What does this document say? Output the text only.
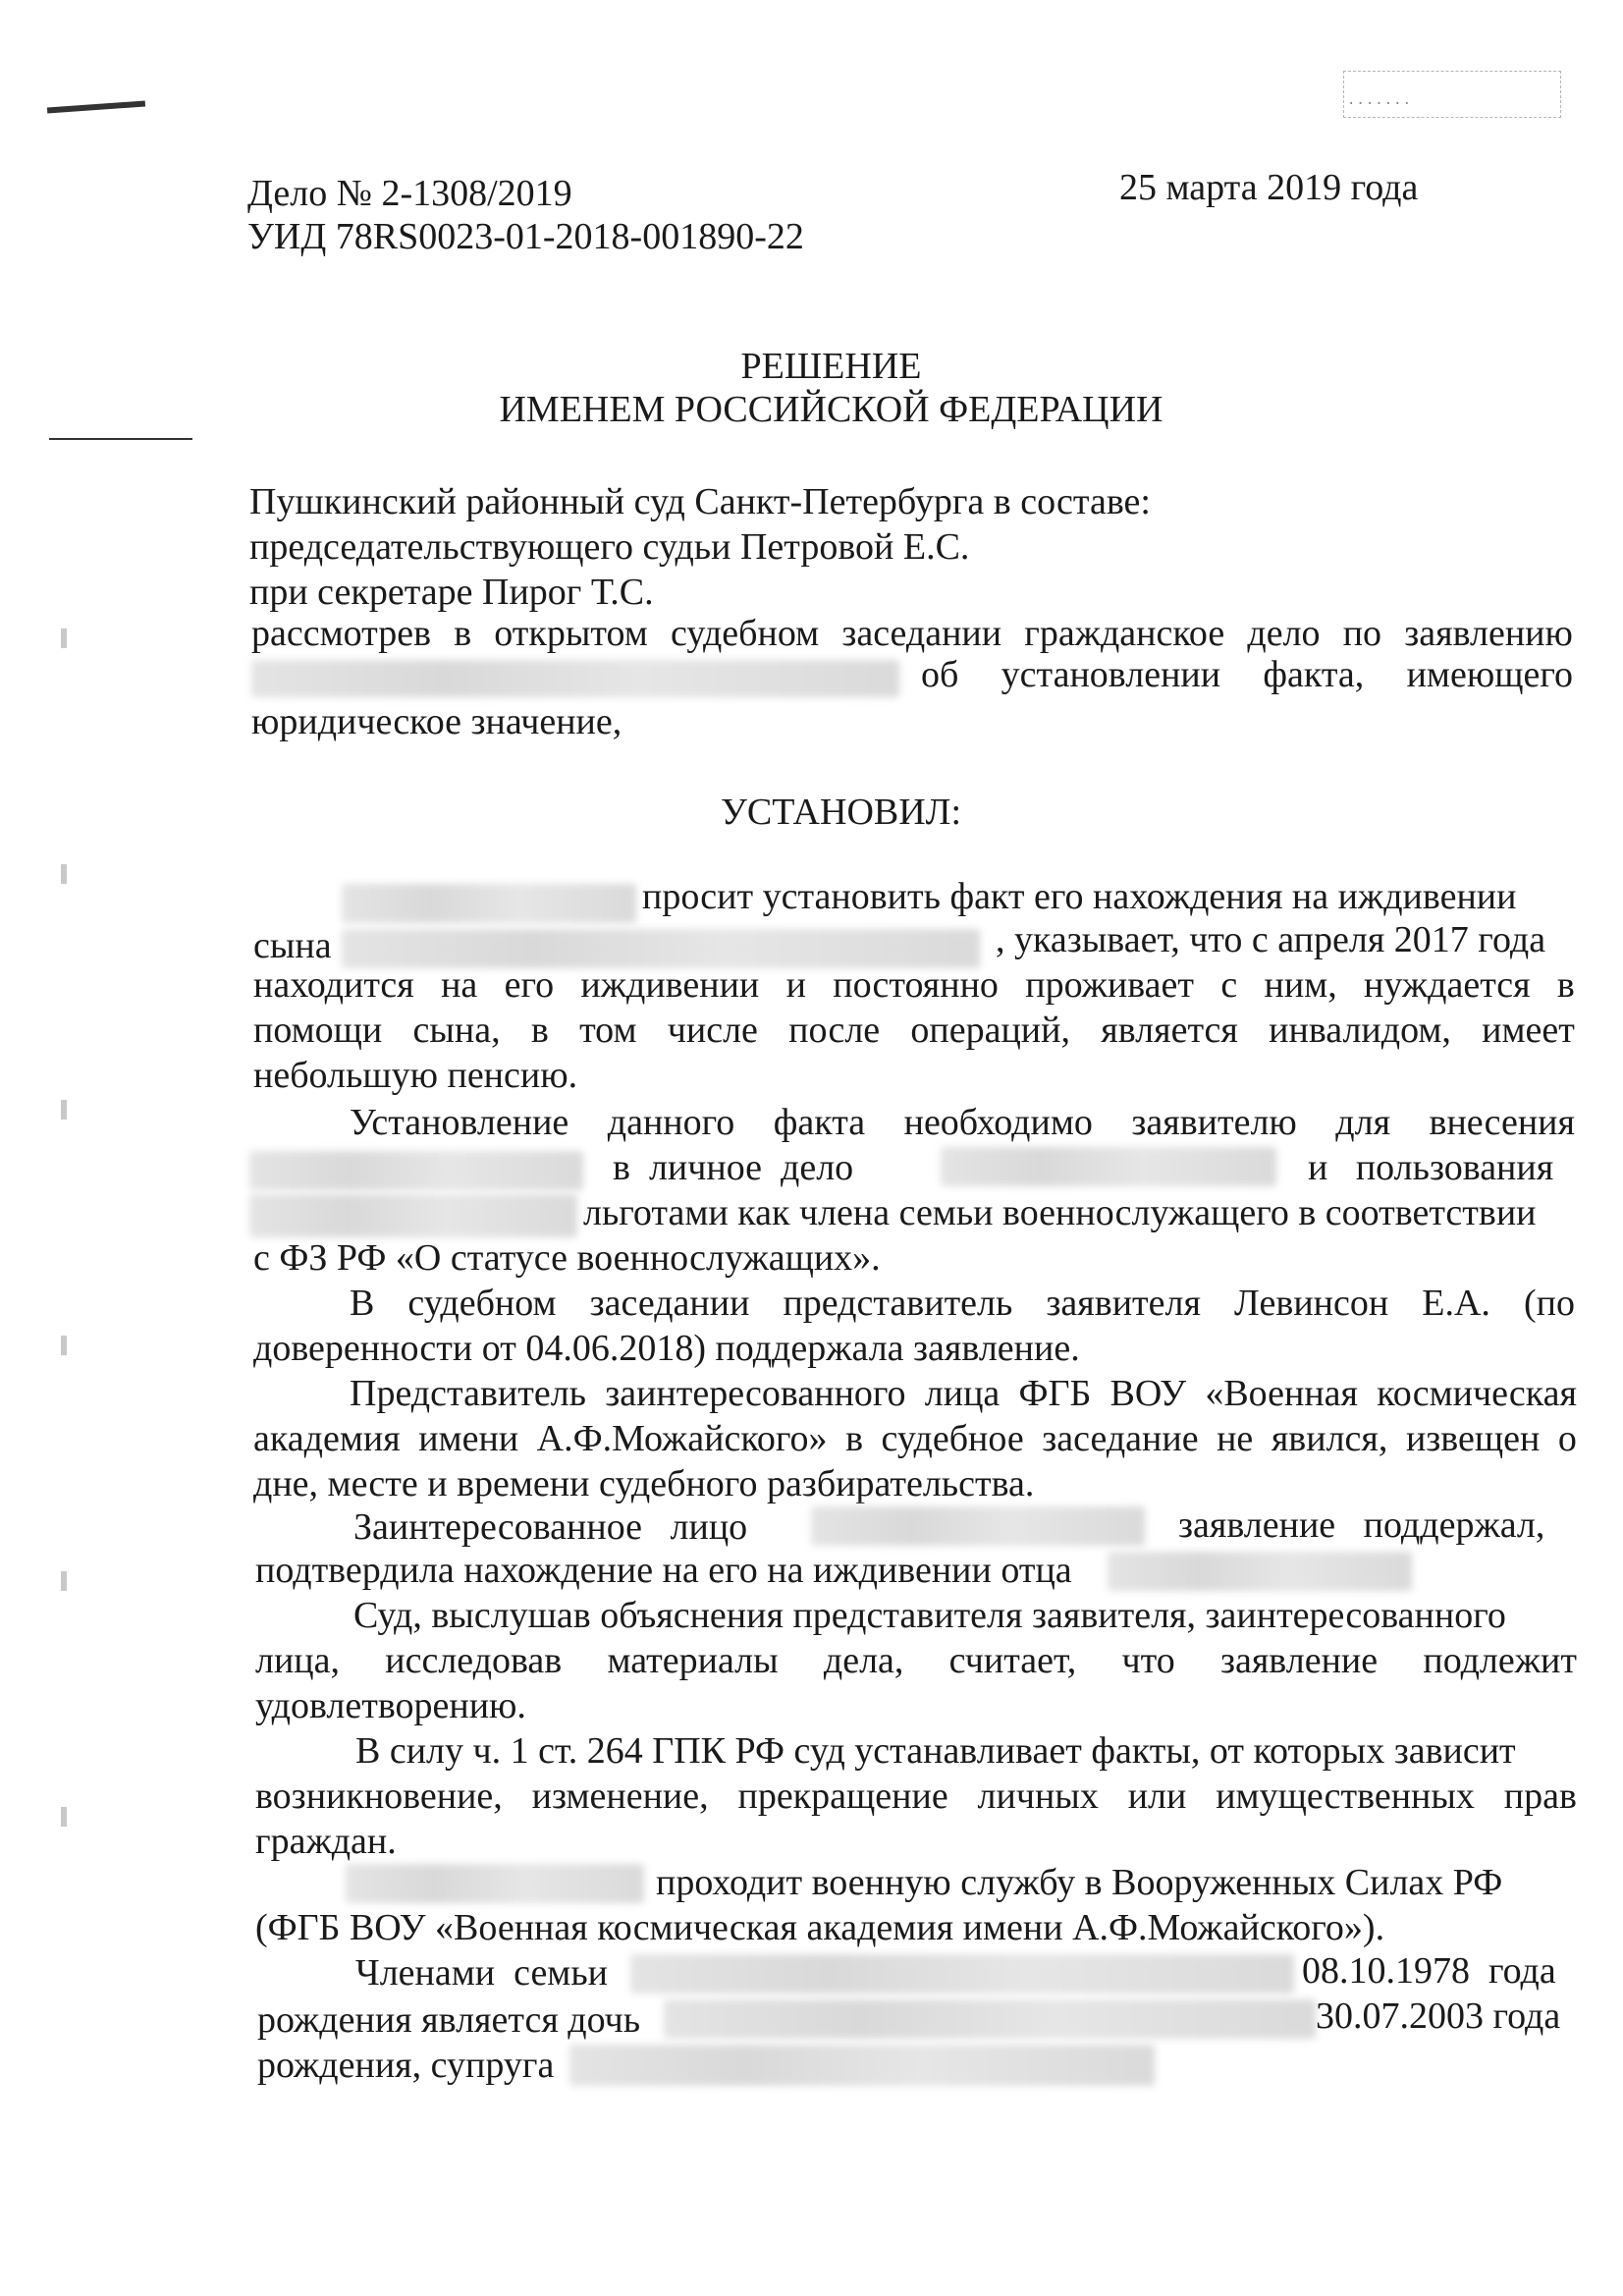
·······
Дело № 2-1308/2019	25 марта 2019 года
УИД 78RS0023-01-2018-001890-22
РЕШЕНИЕ
ИМЕНЕМ РОССИЙСКОЙ ФЕДЕРАЦИИ
Пушкинский районный суд Санкт-Петербурга в составе:
председательствующего судьи Петровой Е.С.
при секретаре Пирог Т.С.
рассмотрев в открытом судебном заседании гражданское дело по заявлению
об установлении факта, имеющего
юридическое значение,
УСТАНОВИЛ:
просит установить факт его нахождения на иждивении
сына	, указывает, что с апреля 2017 года
находится на его иждивении и постоянно проживает с ним, нуждается в
помощи сына, в том числе после операций, является инвалидом, имеет
небольшую пенсию.
Установление данного факта необходимо заявителю для внесения
в  личное  дело	и   пользования
льготами как члена семьи военнослужащего в соответствии
с ФЗ РФ «О статусе военнослужащих».
В судебном заседании представитель заявителя Левинсон Е.А. (по
доверенности от 04.06.2018) поддержала заявление.
Представитель заинтересованного лица ФГБ ВОУ «Военная космическая
академия имени А.Ф.Можайского» в судебное заседание не явился, извещен о
дне, месте и времени судебного разбирательства.
Заинтересованное   лицо	заявление   поддержал,
подтвердила нахождение на его на иждивении отца
Суд, выслушав объяснения представителя заявителя, заинтересованного
лица, исследовав материалы дела, считает, что заявление подлежит
удовлетворению.
В силу ч. 1 ст. 264 ГПК РФ суд устанавливает факты, от которых зависит
возникновение, изменение, прекращение личных или имущественных прав
граждан.
проходит военную службу в Вооруженных Силах РФ
(ФГБ ВОУ «Военная космическая академия имени А.Ф.Можайского»).
Членами  семьи	08.10.1978  года
рождения является дочь	30.07.2003 года
рождения, супруга
